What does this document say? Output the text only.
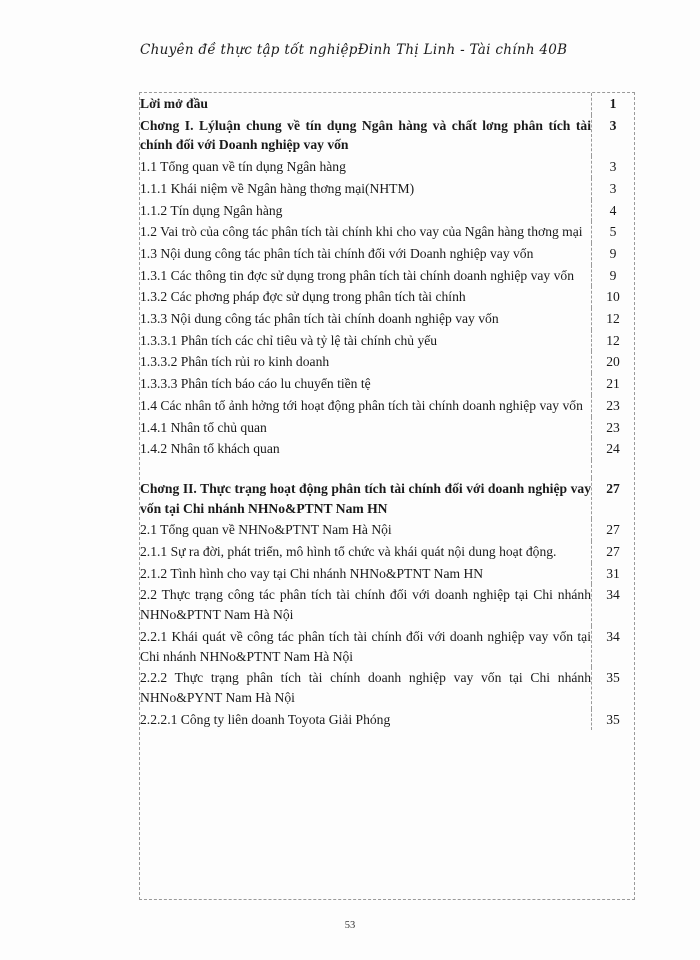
Chuyên đề thực tập tốt nghiệp Đinh Thị Linh - Tài chính 40B
Lời mở đầu	1
Chơng I. Lýluận chung về tín dụng Ngân hàng và chất lơng phân tích tài chính đối với Doanh nghiệp vay vốn	3
1.1 Tổng quan về tín dụng Ngân hàng	3
1.1.1 Khái niệm về Ngân hàng thơng mại(NHTM)	3
1.1.2 Tín dụng Ngân hàng	4
1.2 Vai trò của công tác phân tích tài chính khi cho vay của Ngân hàng thơng mại	5
1.3 Nội dung công tác phân tích tài chính đối với Doanh nghiệp vay vốn	9
1.3.1 Các thông tin đợc sử dụng trong phân tích tài chính doanh nghiệp vay vốn	9
1.3.2 Các phơng pháp đợc sử dụng trong phân tích tài chính	10
1.3.3 Nội dung công tác phân tích tài chính doanh nghiệp vay vốn	12
1.3.3.1 Phân tích các chỉ tiêu và tỷ lệ tài chính chủ yếu	12
1.3.3.2 Phân tích rủi ro kinh doanh	20
1.3.3.3 Phân tích báo cáo lu chuyển tiền tệ	21
1.4 Các nhân tố ảnh hởng tới hoạt động phân tích tài chính doanh nghiệp vay vốn	23
1.4.1 Nhân tố chủ quan	23
1.4.2 Nhân tố khách quan	24

Chơng II. Thực trạng hoạt động phân tích tài chính đối với doanh nghiệp vay vốn tại Chi nhánh NHNo&PTNT Nam HN	27
2.1 Tổng quan về NHNo&PTNT Nam Hà Nội	27
2.1.1 Sự ra đời, phát triển, mô hình tổ chức và khái quát nội dung hoạt động.	27
2.1.2 Tình hình cho vay tại Chi nhánh NHNo&PTNT Nam HN	31
2.2 Thực trạng công tác phân tích tài chính đối với doanh nghiệp tại Chi nhánh NHNo&PTNT Nam Hà Nội	34
2.2.1 Khái quát về công tác phân tích tài chính đối với doanh nghiệp vay vốn tại Chi nhánh NHNo&PTNT Nam Hà Nội	34
2.2.2 Thực trạng phân tích tài chính doanh nghiệp vay vốn tại Chi nhánh NHNo&PYNT Nam Hà Nội	35
2.2.2.1 Công ty liên doanh Toyota Giải Phóng	35
53
